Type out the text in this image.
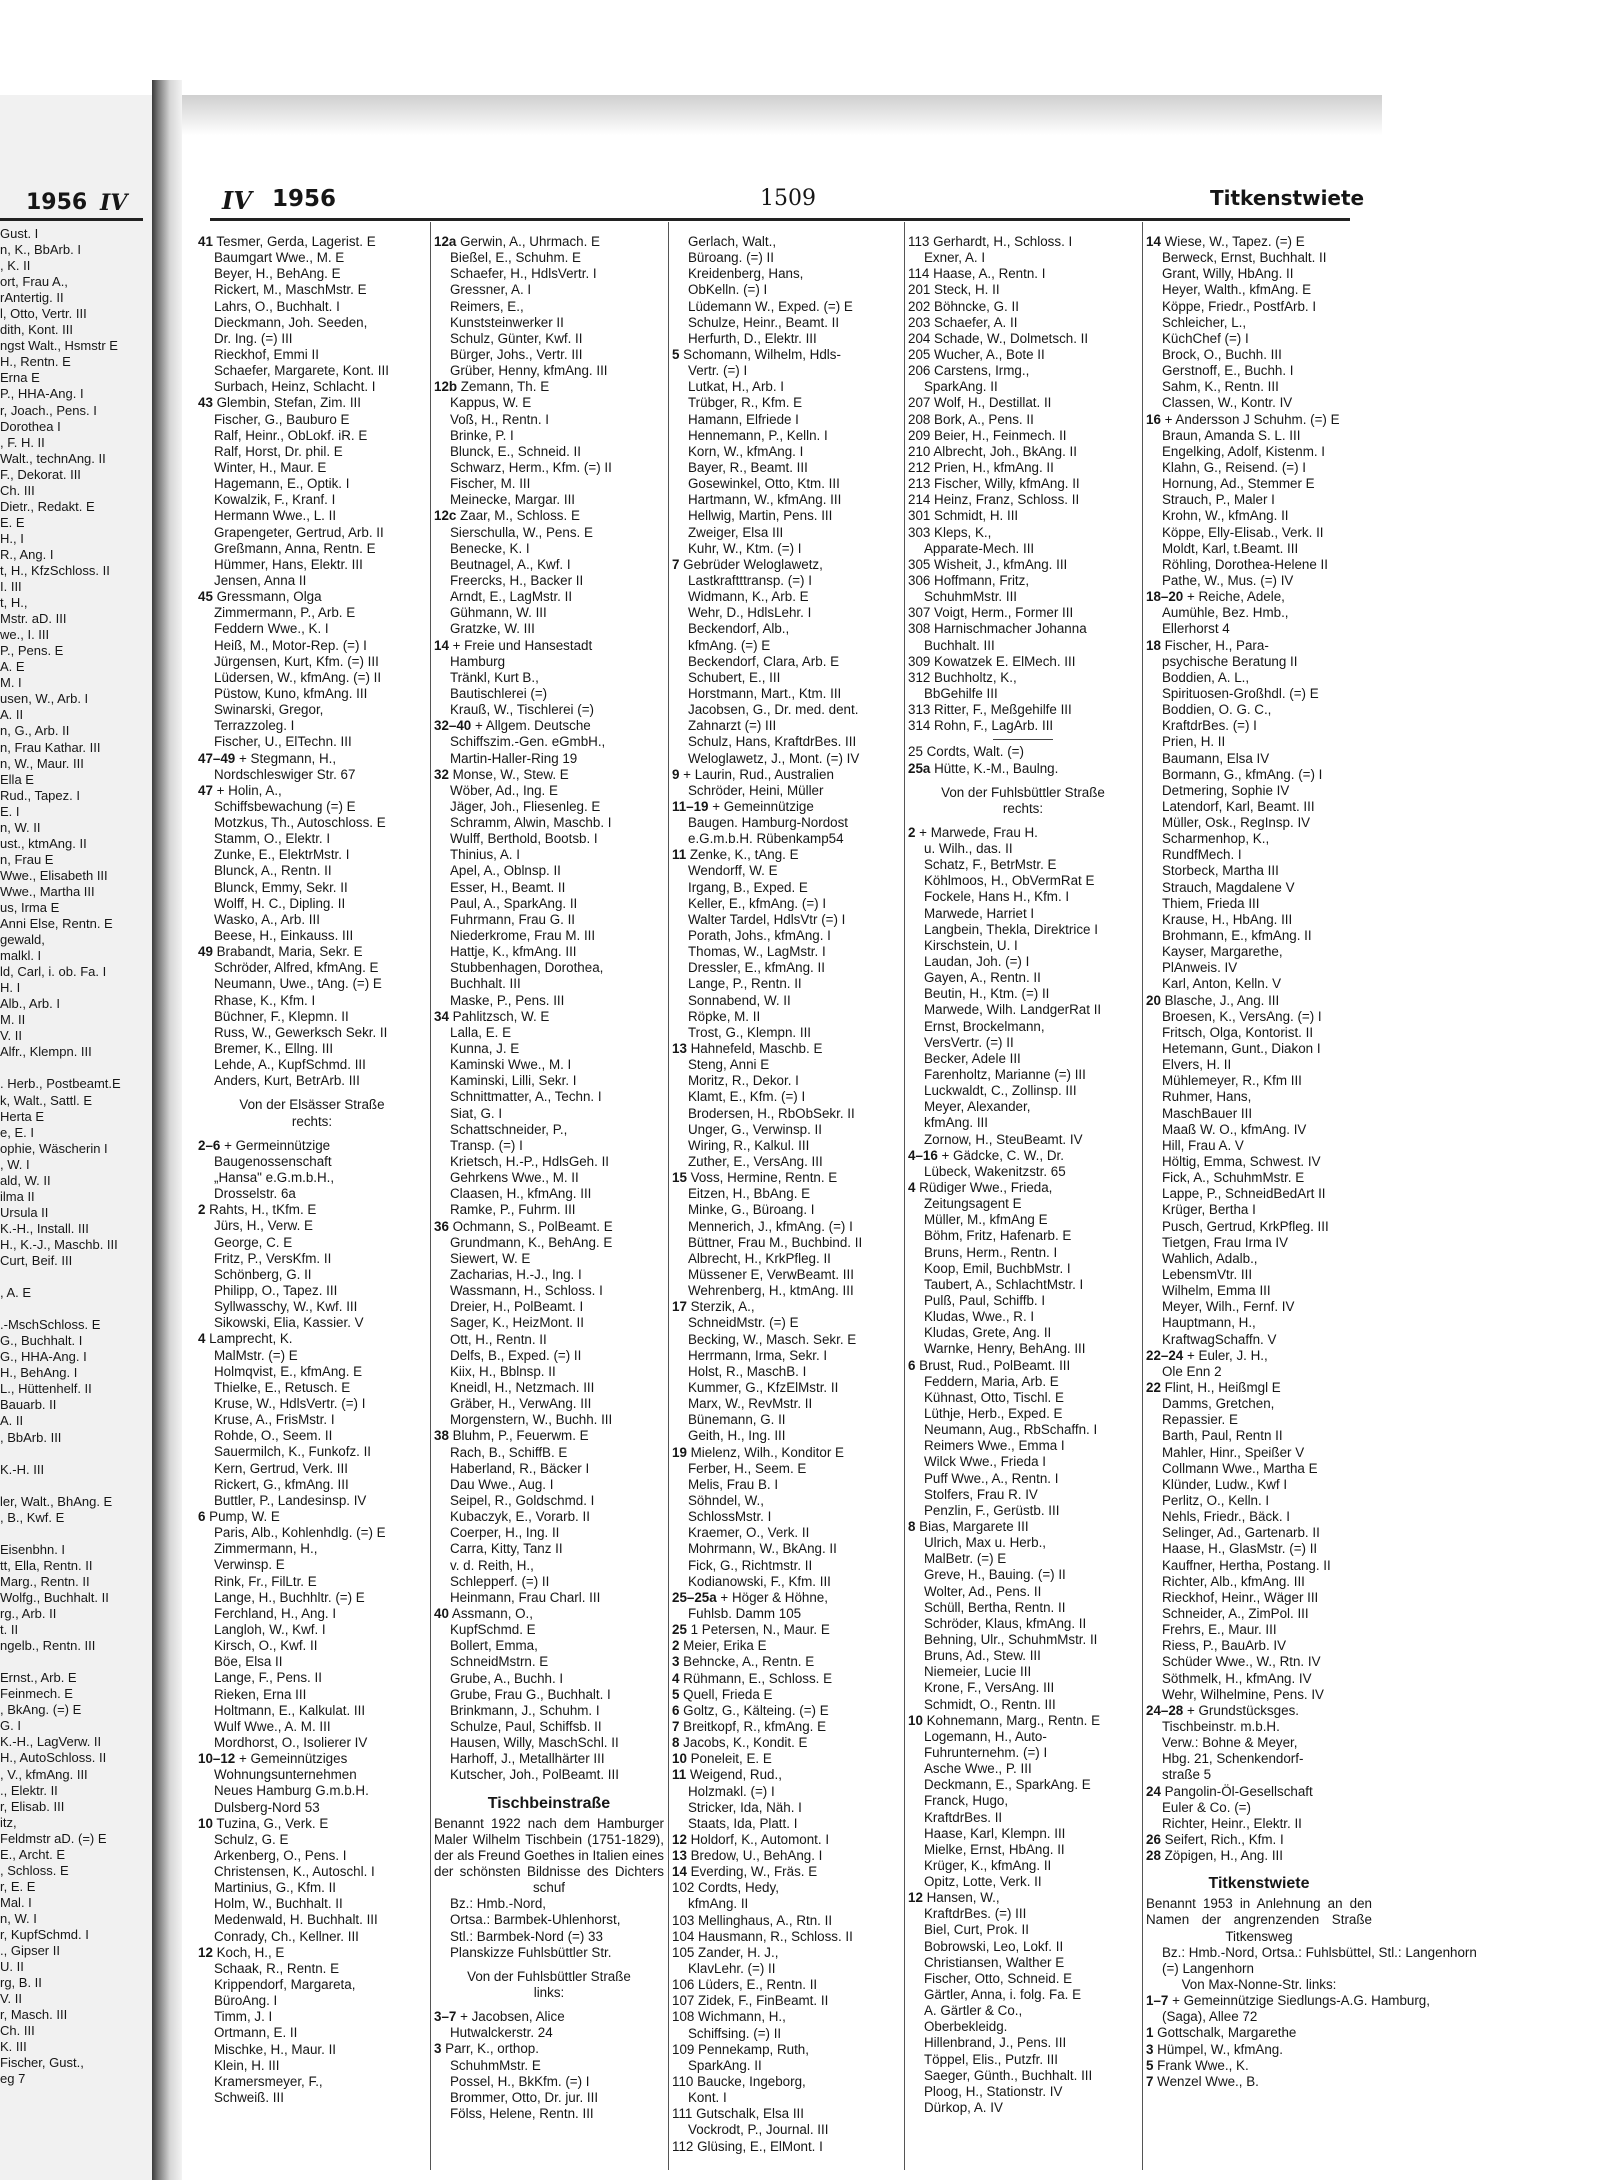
1956 IV
Gust. I
n, K., BbArb. I
, K. II
ort, Frau A.,
rAntertig. II
l, Otto, Vertr. III
dith, Kont. III
ngst Walt., Hsmstr E
H., Rentn. E
Erna E
P., HHA-Ang. I
r, Joach., Pens. I
Dorothea I
, F. H. II
Walt., technAng. II
F., Dekorat. III
Ch. III
Dietr., Redakt. E
E. E
H., I
R., Ang. I
t, H., KfzSchloss. II
I. III
t, H.,
Mstr. aD. III
we., I. III
P., Pens. E
A. E
M. I
usen, W., Arb. I
A. II
n, G., Arb. II
n, Frau Kathar. III
n, W., Maur. III
Ella E
Rud., Tapez. I
E. I
n, W. II
ust., ktmAng. II
n, Frau E
Wwe., Elisabeth III
Wwe., Martha III
us, Irma E
Anni Else, Rentn. E
gewald,
malkl. I
ld, Carl, i. ob. Fa. I
H. I
Alb., Arb. I
M. II
V. II
Alfr., Klempn. III
. Herb., Postbeamt.E
k, Walt., Sattl. E
Herta E
e, E. I
ophie, Wäscherin I
, W. I
ald, W. II
ilma II
Ursula II
K.-H., Install. III
H., K.-J., Maschb. III
Curt, Beif. III
, A. E
.-MschSchloss. E
G., Buchhalt. I
G., HHA-Ang. I
H., BehAng. I
L., Hüttenhelf. II
Bauarb. II
A. II
, BbArb. III
K.-H. III
ler, Walt., BhAng. E
, B., Kwf. E
Eisenbhn. I
tt, Ella, Rentn. II
Marg., Rentn. II
Wolfg., Buchhalt. II
rg., Arb. II
t. II
ngelb., Rentn. III
Ernst., Arb. E
Feinmech. E
, BkAng. (=) E
G. I
K.-H., LagVerw. II
H., AutoSchloss. II
, V., kfmAng. III
., Elektr. II
r, Elisab. III
itz,
Feldmstr aD. (=) E
E., Archt. E
, Schloss. E
r, E. E
Mal. I
n, W. I
r, KupfSchmd. I
., Gipser II
U. II
rg, B. II
V. II
r, Masch. III
Ch. III
K. III
Fischer, Gust.,
eg 7
IV 1956	1509	Titkenstwiete
41 Tesmer, Gerda, Lagerist. E
Baumgart Wwe., M. E
Beyer, H., BehAng. E
Rickert, M., MaschMstr. E
Lahrs, O., Buchhalt. I
Dieckmann, Joh. Seeden,
Dr. Ing. (=) III
Rieckhof, Emmi II
Schaefer, Margarete, Kont. III
Surbach, Heinz, Schlacht. I
43 Glembin, Stefan, Zim. III
Fischer, G., Bauburo E
Ralf, Heinr., ObLokf. iR. E
Ralf, Horst, Dr. phil. E
Winter, H., Maur. E
Hagemann, E., Optik. I
Kowalzik, F., Kranf. I
Hermann Wwe., L. II
Grapengeter, Gertrud, Arb. II
Greßmann, Anna, Rentn. E
Hümmer, Hans, Elektr. III
Jensen, Anna II
45 Gressmann, Olga
Zimmermann, P., Arb. E
Feddern Wwe., K. I
Heiß, M., Motor-Rep. (=) I
Jürgensen, Kurt, Kfm. (=) III
Lüdersen, W., kfmAng. (=) II
Püstow, Kuno, kfmAng. III
Swinarski, Gregor,
Terrazzoleg. I
Fischer, U., ElTechn. III
47–49 + Stegmann, H.,
Nordschleswiger Str. 67
47 + Holin, A.,
Schiffsbewachung (=) E
Motzkus, Th., Autoschloss. E
Stamm, O., Elektr. I
Zunke, E., ElektrMstr. I
Blunck, A., Rentn. II
Blunck, Emmy, Sekr. II
Wolff, H. C., Dipling. II
Wasko, A., Arb. III
Beese, H., Einkauss. III
49 Brabandt, Maria, Sekr. E
Schröder, Alfred, kfmAng. E
Neumann, Uwe., tAng. (=) E
Rhase, K., Kfm. I
Büchner, F., Klepmn. II
Russ, W., Gewerksch Sekr. II
Bremer, K., Ellng. III
Lehde, A., KupfSchmd. III
Anders, Kurt, BetrArb. III
Von der Elsässer Straße
rechts:
2–6 + Germeinnützige
Baugenossenschaft
„Hansa" e.G.m.b.H.,
Drosselstr. 6a
2 Rahts, H., tKfm. E
Jürs, H., Verw. E
George, C. E
Fritz, P., VersKfm. II
Schönberg, G. II
Philipp, O., Tapez. III
Syllwasschy, W., Kwf. III
Sikowski, Elia, Kassier. V
4 Lamprecht, K.
MalMstr. (=) E
Holmqvist, E., kfmAng. E
Thielke, E., Retusch. E
Kruse, W., HdlsVertr. (=) I
Kruse, A., FrisMstr. I
Rohde, O., Seem. II
Sauermilch, K., Funkofz. II
Kern, Gertrud, Verk. III
Rickert, G., kfmAng. III
Buttler, P., Landesinsp. IV
6 Pump, W. E
Paris, Alb., Kohlenhdlg. (=) E
Zimmermann, H.,
Verwinsp. E
Rink, Fr., FilLtr. E
Lange, H., Buchhltr. (=) E
Ferchland, H., Ang. I
Langloh, W., Kwf. I
Kirsch, O., Kwf. II
Böe, Elsa II
Lange, F., Pens. II
Rieken, Erna III
Holtmann, E., Kalkulat. III
Wulf Wwe., A. M. III
Mordhorst, O., Isolierer IV
10–12 + Gemeinnütziges
Wohnungsunternehmen
Neues Hamburg G.m.b.H.
Dulsberg-Nord 53
10 Tuzina, G., Verk. E
Schulz, G. E
Arkenberg, O., Pens. I
Christensen, K., Autoschl. I
Martinius, G., Kfm. II
Holm, W., Buchhalt. II
Medenwald, H. Buchhalt. III
Conrady, Ch., Kellner. III
12 Koch, H., E
Schaak, R., Rentn. E
Krippendorf, Margareta,
BüroAng. I
Timm, J. I
Ortmann, E. II
Mischke, H., Maur. II
Klein, H. III
Kramersmeyer, F.,
Schweiß. III
12a Gerwin, A., Uhrmach. E
Bießel, E., Schuhm. E
Schaefer, H., HdlsVertr. I
Gressner, A. I
Reimers, E.,
Kunststeinwerker II
Schulz, Günter, Kwf. II
Bürger, Johs., Vertr. III
Grüber, Henny, kfmAng. III
12b Zemann, Th. E
Kappus, W. E
Voß, H., Rentn. I
Brinke, P. I
Blunck, E., Schneid. II
Schwarz, Herm., Kfm. (=) II
Fischer, M. III
Meinecke, Margar. III
12c Zaar, M., Schloss. E
Sierschulla, W., Pens. E
Benecke, K. I
Beutnagel, A., Kwf. I
Freercks, H., Backer II
Arndt, E., LagMstr. II
Gühmann, W. III
Gratzke, W. III
14 + Freie und Hansestadt
Hamburg
Tränkl, Kurt B.,
Bautischlerei (=)
Krauß, W., Tischlerei (=)
32–40 + Allgem. Deutsche
Schiffszim.-Gen. eGmbH.,
Martin-Haller-Ring 19
32 Monse, W., Stew. E
Wöber, Ad., Ing. E
Jäger, Joh., Fliesenleg. E
Schramm, Alwin, Maschb. I
Wulff, Berthold, Bootsb. I
Thinius, A. I
Apel, A., Oblnsp. II
Esser, H., Beamt. II
Paul, A., SparkAng. II
Fuhrmann, Frau G. II
Niederkrome, Frau M. III
Hattje, K., kfmAng. III
Stubbenhagen, Dorothea,
Buchhalt. III
Maske, P., Pens. III
34 Pahlitzsch, W. E
Lalla, E. E
Kunna, J. E
Kaminski Wwe., M. I
Kaminski, Lilli, Sekr. I
Schnittmatter, A., Techn. I
Siat, G. I
Schattschneider, P.,
Transp. (=) I
Krietsch, H.-P., HdlsGeh. II
Gehrkens Wwe., M. II
Claasen, H., kfmAng. III
Ramke, P., Fuhrm. III
36 Ochmann, S., PolBeamt. E
Grundmann, K., BehAng. E
Siewert, W. E
Zacharias, H.-J., Ing. I
Wassmann, H., Schloss. I
Dreier, H., PolBeamt. I
Sager, K., HeizMont. II
Ott, H., Rentn. II
Delfs, B., Exped. (=) II
Kiix, H., Bblnsp. II
Kneidl, H., Netzmach. III
Gräber, H., VerwAng. III
Morgenstern, W., Buchh. III
38 Bluhm, P., Feuerwm. E
Rach, B., SchiffB. E
Haberland, R., Bäcker I
Dau Wwe., Aug. I
Seipel, R., Goldschmd. I
Kubaczyk, E., Vorarb. II
Coerper, H., Ing. II
Carra, Kitty, Tanz II
v. d. Reith, H.,
Schlepperf. (=) II
Heinmann, Frau Charl. III
40 Assmann, O.,
KupfSchmd. E
Bollert, Emma,
SchneidMstrn. E
Grube, A., Buchh. I
Grube, Frau G., Buchhalt. I
Brinkmann, J., Schuhm. I
Schulze, Paul, Schiffsb. II
Hausen, Willy, MaschSchl. II
Harhoff, J., Metallhärter III
Kutscher, Joh., PolBeamt. III
Tischbeinstraße
Benannt 1922 nach dem Hamburger Maler Wilhelm Tischbein (1751-1829), der als Freund Goethes in Italien eines der schönsten Bildnisse des Dichters schuf
Bz.: Hmb.-Nord,
Ortsa.: Barmbek-Uhlenhorst,
Stl.: Barmbek-Nord (=) 33
Planskizze Fuhlsbüttler Str.
Von der Fuhlsbüttler Straße
links:
3–7 + Jacobsen, Alice
Hutwalckerstr. 24
3 Parr, K., orthop.
SchuhmMstr. E
Possel, H., BkKfm. (=) I
Brommer, Otto, Dr. jur. III
Fölss, Helene, Rentn. III
Gerlach, Walt.,
Büroang. (=) II
Kreidenberg, Hans,
ObKelln. (=) I
Lüdemann W., Exped. (=) E
Schulze, Heinr., Beamt. II
Herfurth, D., Elektr. III
5 Schomann, Wilhelm, Hdls-
Vertr. (=) I
Lutkat, H., Arb. I
Trübger, R., Kfm. E
Hamann, Elfriede I
Hennemann, P., Kelln. I
Korn, W., kfmAng. I
Bayer, R., Beamt. III
Gosewinkel, Otto, Ktm. III
Hartmann, W., kfmAng. III
Hellwig, Martin, Pens. III
Zweiger, Elsa III
Kuhr, W., Ktm. (=) I
7 Gebrüder Weloglawetz,
Lastkraftttransp. (=) I
Widmann, K., Arb. E
Wehr, D., HdlsLehr. I
Beckendorf, Alb.,
kfmAng. (=) E
Beckendorf, Clara, Arb. E
Schubert, E., III
Horstmann, Mart., Ktm. III
Jacobsen, G., Dr. med. dent.
Zahnarzt (=) III
Schulz, Hans, KraftdrBes. III
Weloglawetz, J., Mont. (=) IV
9 + Laurin, Rud., Australien
Schröder, Heini, Müller
11–19 + Gemeinnützige
Baugen. Hamburg-Nordost
e.G.m.b.H. Rübenkamp54
11 Zenke, K., tAng. E
Wendorff, W. E
Irgang, B., Exped. E
Keller, E., kfmAng. (=) I
Walter Tardel, HdlsVtr (=) I
Porath, Johs., kfmAng. I
Thomas, W., LagMstr. I
Dressler, E., kfmAng. II
Lange, P., Rentn. II
Sonnabend, W. II
Röpke, M. II
Trost, G., Klempn. III
13 Hahnefeld, Maschb. E
Steng, Anni E
Moritz, R., Dekor. I
Klamt, E., Kfm. (=) I
Brodersen, H., RbObSekr. II
Unger, G., Verwinsp. II
Wiring, R., Kalkul. III
Zuther, E., VersAng. III
15 Voss, Hermine, Rentn. E
Eitzen, H., BbAng. E
Minke, G., Büroang. I
Mennerich, J., kfmAng. (=) I
Büttner, Frau M., Buchbind. II
Albrecht, H., KrkPfleg. II
Müssener E, VerwBeamt. III
Wehrenberg, H., ktmAng. III
17 Sterzik, A.,
SchneidMstr. (=) E
Becking, W., Masch. Sekr. E
Herrmann, Irma, Sekr. I
Holst, R., MaschB. I
Kummer, G., KfzElMstr. II
Marx, W., RevMstr. II
Bünemann, G. II
Geith, H., Ing. III
19 Mielenz, Wilh., Konditor E
Ferber, H., Seem. E
Melis, Frau B. I
Söhndel, W.,
SchlossMstr. I
Kraemer, O., Verk. II
Mohrmann, W., BkAng. II
Fick, G., Richtmstr. II
Kodianowski, F., Kfm. III
25–25a + Höger & Höhne,
Fuhlsb. Damm 105
25 1 Petersen, N., Maur. E
2 Meier, Erika E
3 Behncke, A., Rentn. E
4 Rühmann, E., Schloss. E
5 Quell, Frieda E
6 Goltz, G., Kälteing. (=) E
7 Breitkopf, R., kfmAng. E
8 Jacobs, K., Kondit. E
10 Poneleit, E. E
11 Weigend, Rud.,
Holzmakl. (=) I
Stricker, Ida, Näh. I
Staats, Ida, Platt. I
12 Holdorf, K., Automont. I
13 Bredow, U., BehAng. I
14 Everding, W., Fräs. E
102 Cordts, Hedy,
kfmAng. II
103 Mellinghaus, A., Rtn. II
104 Hausmann, R., Schloss. II
105 Zander, H. J.,
KlavLehr. (=) II
106 Lüders, E., Rentn. II
107 Zidek, F., FinBeamt. II
108 Wichmann, H.,
Schiffsing. (=) II
109 Pennekamp, Ruth,
SparkAng. II
110 Baucke, Ingeborg,
Kont. I
111 Gutschalk, Elsa III
Vockrodt, P., Journal. III
112 Glüsing, E., ElMont. I
113 Gerhardt, H., Schloss. I
Exner, A. I
114 Haase, A., Rentn. I
201 Steck, H. II
202 Böhncke, G. II
203 Schaefer, A. II
204 Schade, W., Dolmetsch. II
205 Wucher, A., Bote II
206 Carstens, Irmg.,
SparkAng. II
207 Wolf, H., Destillat. II
208 Bork, A., Pens. II
209 Beier, H., Feinmech. II
210 Albrecht, Joh., BkAng. II
212 Prien, H., kfmAng. II
213 Fischer, Willy, kfmAng. II
214 Heinz, Franz, Schloss. II
301 Schmidt, H. III
303 Kleps, K.,
Apparate-Mech. III
305 Wisheit, J., kfmAng. III
306 Hoffmann, Fritz,
SchuhmMstr. III
307 Voigt, Herm., Former III
308 Harnischmacher Johanna
Buchhalt. III
309 Kowatzek E. ElMech. III
312 Buchholtz, K.,
BbGehilfe III
313 Ritter, F., Meßgehilfe III
314 Rohn, F., LagArb. III
25 Cordts, Walt. (=)
25a Hütte, K.-M., Baulng.
Von der Fuhlsbüttler Straße
rechts:
2 + Marwede, Frau H.
u. Wilh., das. II
Schatz, F., BetrMstr. E
Köhlmoos, H., ObVermRat E
Fockele, Hans H., Kfm. I
Marwede, Harriet I
Langbein, Thekla, Direktrice I
Kirschstein, U. I
Laudan, Joh. (=) I
Gayen, A., Rentn. II
Beutin, H., Ktm. (=) II
Marwede, Wilh. LandgerRat II
Ernst, Brockelmann,
VersVertr. (=) II
Becker, Adele III
Farenholtz, Marianne (=) III
Luckwaldt, C., Zollinsp. III
Meyer, Alexander,
kfmAng. III
Zornow, H., SteuBeamt. IV
4–16 + Gädcke, C. W., Dr.
Lübeck, Wakenitzstr. 65
4 Rüdiger Wwe., Frieda,
Zeitungsagent E
Müller, M., kfmAng E
Böhm, Fritz, Hafenarb. E
Bruns, Herm., Rentn. I
Koop, Emil, BuchbMstr. I
Taubert, A., SchlachtMstr. I
Pulß, Paul, Schiffb. I
Kludas, Wwe., R. I
Kludas, Grete, Ang. II
Warnke, Henry, BehAng. III
6 Brust, Rud., PolBeamt. III
Feddern, Maria, Arb. E
Kühnast, Otto, Tischl. E
Lüthje, Herb., Exped. E
Neumann, Aug., RbSchaffn. I
Reimers Wwe., Emma I
Wilck Wwe., Frieda I
Puff Wwe., A., Rentn. I
Stolfers, Frau R. IV
Penzlin, F., Gerüstb. III
8 Bias, Margarete III
Ulrich, Max u. Herb.,
MalBetr. (=) E
Greve, H., Bauing. (=) II
Wolter, Ad., Pens. II
Schüll, Bertha, Rentn. II
Schröder, Klaus, kfmAng. II
Behning, Ulr., SchuhmMstr. II
Bruns, Ad., Stew. III
Niemeier, Lucie III
Krone, F., VersAng. III
Schmidt, O., Rentn. III
10 Kohnemann, Marg., Rentn. E
Logemann, H., Auto-
Fuhrunternehm. (=) I
Asche Wwe., P. III
Deckmann, E., SparkAng. E
Franck, Hugo,
KraftdrBes. II
Haase, Karl, Klempn. III
Mielke, Ernst, HbAng. II
Krüger, K., kfmAng. II
Opitz, Lotte, Verk. II
12 Hansen, W.,
KraftdrBes. (=) III
Biel, Curt, Prok. II
Bobrowski, Leo, Lokf. II
Christiansen, Walther E
Fischer, Otto, Schneid. E
Gärtler, Anna, i. folg. Fa. E
A. Gärtler & Co.,
Oberbekleidg.
Hillenbrand, J., Pens. III
Töppel, Elis., Putzfr. III
Saeger, Günth., Buchhalt. III
Ploog, H., Stationstr. IV
Dürkop, A. IV
14 Wiese, W., Tapez. (=) E
Berweck, Ernst, Buchhalt. II
Grant, Willy, HbAng. II
Heyer, Walth., kfmAng. E
Köppe, Friedr., PostfArb. I
Schleicher, L.,
KüchChef (=) I
Brock, O., Buchh. III
Gerstnoff, E., Buchh. I
Sahm, K., Rentn. III
Classen, W., Kontr. IV
16 + Andersson J Schuhm. (=) E
Braun, Amanda S. L. III
Engelking, Adolf, Kistenm. I
Klahn, G., Reisend. (=) I
Hornung, Ad., Stemmer E
Strauch, P., Maler I
Krohn, W., kfmAng. II
Köppe, Elly-Elisab., Verk. II
Moldt, Karl, t.Beamt. III
Röhling, Dorothea-Helene II
Pathe, W., Mus. (=) IV
18–20 + Reiche, Adele,
Aumühle, Bez. Hmb.,
Ellerhorst 4
18 Fischer, H., Para-
psychische Beratung II
Boddien, A. L.,
Spirituosen-Großhdl. (=) E
Boddien, O. G. C.,
KraftdrBes. (=) I
Prien, H. II
Baumann, Elsa IV
Bormann, G., kfmAng. (=) I
Detmering, Sophie IV
Latendorf, Karl, Beamt. III
Müller, Osk., RegInsp. IV
Scharmenhop, K.,
RundfMech. I
Storbeck, Martha III
Strauch, Magdalene V
Thiem, Frieda III
Krause, H., HbAng. III
Brohmann, E., kfmAng. II
Kayser, Margarethe,
PlAnweis. IV
Karl, Anton, Kelln. V
20 Blasche, J., Ang. III
Broesen, K., VersAng. (=) I
Fritsch, Olga, Kontorist. II
Hetemann, Gunt., Diakon I
Elvers, H. II
Mühlemeyer, R., Kfm III
Ruhmer, Hans,
MaschBauer III
Maaß W. O., kfmAng. IV
Hill, Frau A. V
Höltig, Emma, Schwest. IV
Fick, A., SchuhmMstr. E
Lappe, P., SchneidBedArt II
Krüger, Bertha I
Pusch, Gertrud, KrkPfleg. III
Tietgen, Frau Irma IV
Wahlich, Adalb.,
LebensmVtr. III
Wilhelm, Emma III
Meyer, Wilh., Fernf. IV
Hauptmann, H.,
KraftwagSchaffn. V
22–24 + Euler, J. H.,
Ole Enn 2
22 Flint, H., Heißmgl E
Damms, Gretchen,
Repassier. E
Barth, Paul, Rentn II
Mahler, Hinr., Speißer V
Collmann Wwe., Martha E
Klünder, Ludw., Kwf I
Perlitz, O., Kelln. I
Nehls, Friedr., Bäck. I
Selinger, Ad., Gartenarb. II
Haase, H., GlasMstr. (=) II
Kauffner, Hertha, Postang. II
Richter, Alb., kfmAng. III
Rieckhof, Heinr., Wäger III
Schneider, A., ZimPol. III
Frehrs, E., Maur. III
Riess, P., BauArb. IV
Schüder Wwe., W., Rtn. IV
Söthmelk, H., kfmAng. IV
Wehr, Wilhelmine, Pens. IV
24–28 + Grundstücksges.
Tischbeinstr. m.b.H.
Verw.: Bohne & Meyer,
Hbg. 21, Schenkendorf-
straße 5
24 Pangolin-Öl-Gesellschaft
Euler & Co. (=)
Richter, Heinr., Elektr. II
26 Seifert, Rich., Kfm. I
28 Zöpigen, H., Ang. III
Titkenstwiete
Benannt 1953 in Anlehnung an den Namen der angrenzenden Straße Titkensweg
Bz.: Hmb.-Nord, Ortsa.: Fuhlsbüttel, Stl.: Langenhorn
(=) Langenhorn
Von Max-Nonne-Str. links:
1–7 + Gemeinnützige Siedlungs-A.G. Hamburg,
(Saga), Allee 72
1 Gottschalk, Margarethe
3 Hümpel, W., kfmAng.
5 Frank Wwe., K.
7 Wenzel Wwe., B.
